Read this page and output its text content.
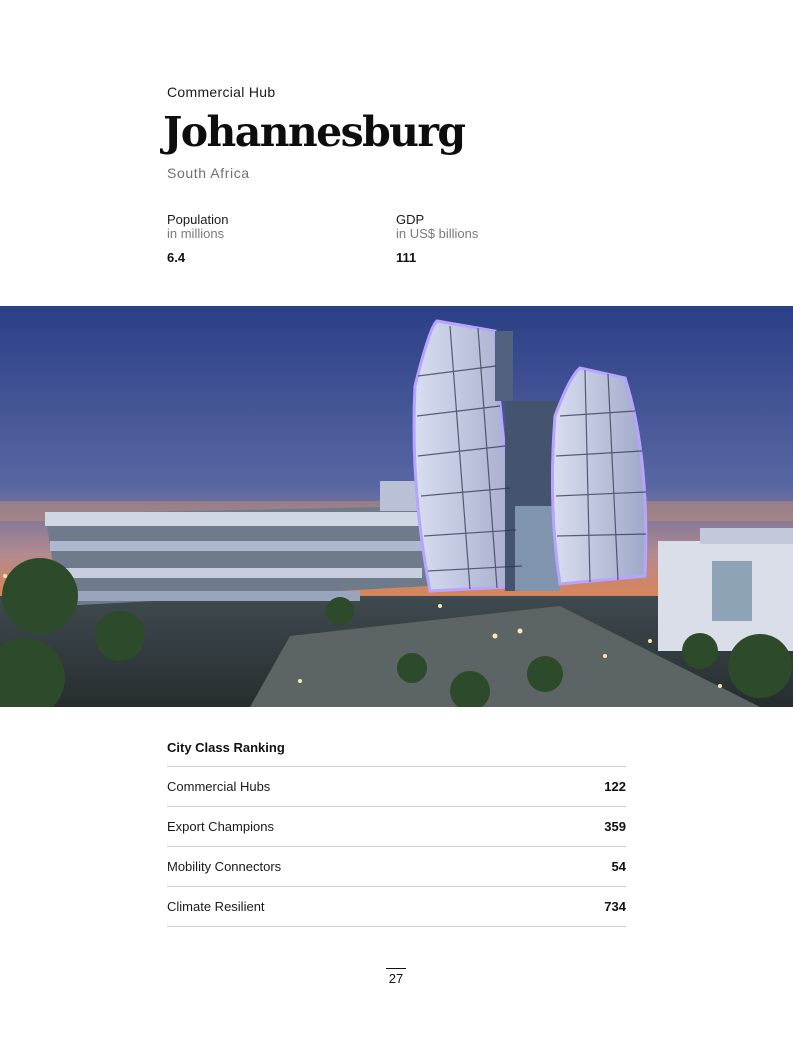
Commercial Hub
Johannesburg
South Africa
Population
in millions
6.4
GDP
in US$ billions
111
City Class Ranking
Commercial Hubs	122
Export Champions	359
Mobility Connectors	54
Climate Resilient	734
27
